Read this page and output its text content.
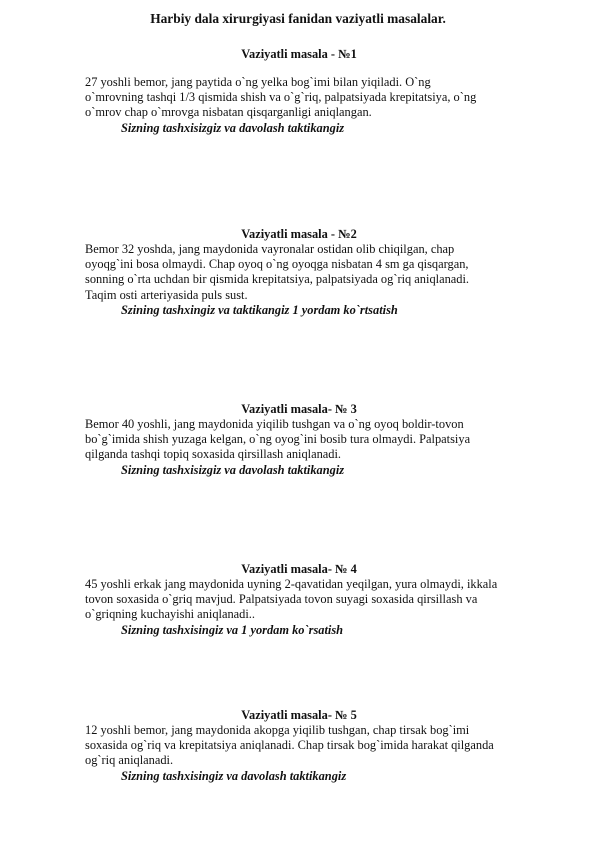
Harbiy dala xirurgiyasi fanidan vaziyatli masalalar.
Vaziyatli masala - №1

27 yoshli bemor, jang paytida o`ng yelka bog`imi bilan yiqiladi. O`ng
o`mrovning tashqi 1/3 qismida shish va o`g`riq, palpatsiyada krepitatsiya, o`ng
o`mrov chap o`mrovga nisbatan qisqarganligi aniqlangan.

Sizning tashxisizgiz va davolash taktikangiz

Vaziyatli masala - №2

Bemor 32 yoshda, jang maydonida vayronalar ostidan olib chiqilgan, chap
oyoqg`ini bosa olmaydi. Chap oyoq o`ng oyoqga nisbatan 4 sm ga qisqargan,
sonning o`rta uchdan bir qismida krepitatsiya, palpatsiyada og`riq aniqlanadi.
Taqim osti arteriyasida puls sust.

Szining tashxingiz va taktikangiz 1 yordam ko`rtsatish

Vaziyatli masala- № 3

Bemor 40 yoshli, jang maydonida yiqilib tushgan va o`ng oyoq boldir-tovon
bo`g`imida shish yuzaga kelgan, o`ng oyog`ini bosib tura olmaydi. Palpatsiya
qilganda tashqi topiq soxasida qirsillash aniqlanadi.

Sizning tashxisizgiz va davolash taktikangiz

Vaziyatli masala- № 4

45 yoshli erkak jang maydonida uyning 2-qavatidan yeqilgan, yura olmaydi, ikkala
tovon soxasida o`griq mavjud. Palpatsiyada tovon suyagi soxasida qirsillash va
o`griqning kuchayishi aniqlanadi..

Sizning tashxisingiz va 1 yordam ko`rsatish

Vaziyatli masala- № 5

12 yoshli bemor, jang maydonida akopga yiqilib tushgan, chap tirsak bog`imi
soxasida og`riq va krepitatsiya aniqlanadi. Chap tirsak bog`imida harakat qilganda
og`riq aniqlanadi.

Sizning tashxisingiz va davolash taktikangiz
